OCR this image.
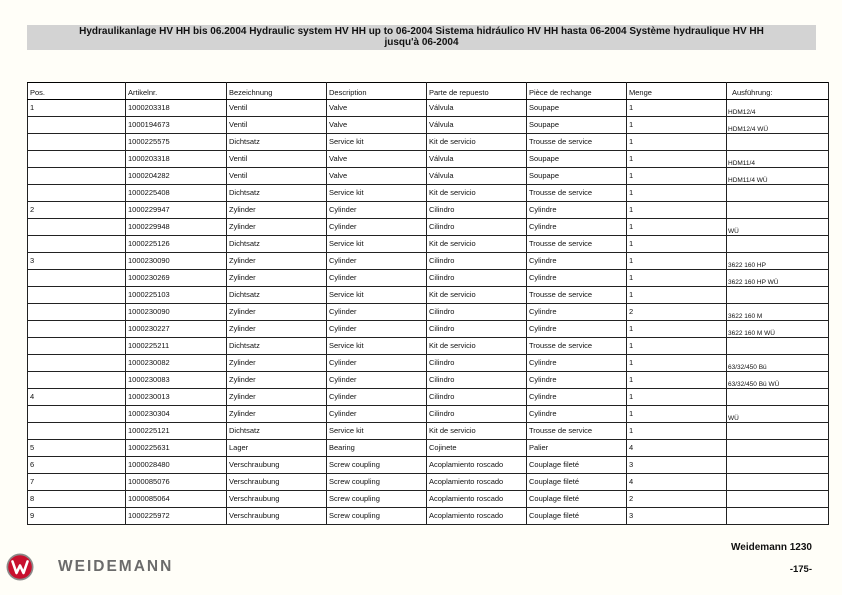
Hydraulikanlage HV HH bis 06.2004 Hydraulic system HV HH up to 06-2004 Sistema hidráulico HV HH hasta 06-2004 Système hydraulique HV HH
jusqu'à 06-2004
Pos.	Artikelnr.	Bezeichnung	Description	Parte de repuesto	Pièce de rechange	Menge	Ausführung:
1	1000203318	Ventil	Valve	Válvula	Soupape	1	HDM12/4
	1000194673	Ventil	Valve	Válvula	Soupape	1	HDM12/4 WÜ
	1000225575	Dichtsatz	Service kit	Kit de servicio	Trousse de service	1	
	1000203318	Ventil	Valve	Válvula	Soupape	1	HDM11/4
	1000204282	Ventil	Valve	Válvula	Soupape	1	HDM11/4 WÜ
	1000225408	Dichtsatz	Service kit	Kit de servicio	Trousse de service	1	
2	1000229947	Zylinder	Cylinder	Cilindro	Cylindre	1	
	1000229948	Zylinder	Cylinder	Cilindro	Cylindre	1	WÜ
	1000225126	Dichtsatz	Service kit	Kit de servicio	Trousse de service	1	
3	1000230090	Zylinder	Cylinder	Cilindro	Cylindre	1	3622 160 HP
	1000230269	Zylinder	Cylinder	Cilindro	Cylindre	1	3622 160 HP WÜ
	1000225103	Dichtsatz	Service kit	Kit de servicio	Trousse de service	1	
	1000230090	Zylinder	Cylinder	Cilindro	Cylindre	2	3622 160 M
	1000230227	Zylinder	Cylinder	Cilindro	Cylindre	1	3622 160 M WÜ
	1000225211	Dichtsatz	Service kit	Kit de servicio	Trousse de service	1	
	1000230082	Zylinder	Cylinder	Cilindro	Cylindre	1	63/32/450 Bü
	1000230083	Zylinder	Cylinder	Cilindro	Cylindre	1	63/32/450 Bü WÜ
4	1000230013	Zylinder	Cylinder	Cilindro	Cylindre	1	
	1000230304	Zylinder	Cylinder	Cilindro	Cylindre	1	WÜ
	1000225121	Dichtsatz	Service kit	Kit de servicio	Trousse de service	1	
5	1000225631	Lager	Bearing	Cojinete	Palier	4	
6	1000028480	Verschraubung	Screw coupling	Acoplamiento roscado	Couplage fileté	3	
7	1000085076	Verschraubung	Screw coupling	Acoplamiento roscado	Couplage fileté	4	
8	1000085064	Verschraubung	Screw coupling	Acoplamiento roscado	Couplage fileté	2	
9	1000225972	Verschraubung	Screw coupling	Acoplamiento roscado	Couplage fileté	3	
WEIDEMANN
Weidemann 1230
-175-
